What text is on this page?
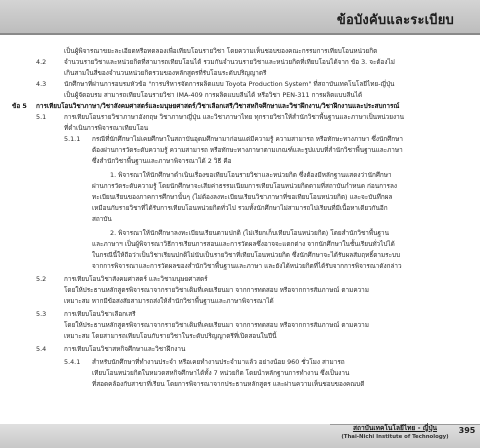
ข้อบังคับและระเบียบ
เป็นผู้พิจารณาขยะละเอียดหรือทดลองเพื่อเทียบโอนรายวิชา โดยความเห็นชอบของคณะกรรมการเทียบโอนหน่วยกิต
4.2	จำนวนรายวิชาและหน่วยกิตที่สามารถเทียบโอนได้ รวมกันจำนวนรายวิชาและหน่วยกิตที่เทียบโอนได้จาก ข้อ 3. จะต้องไม่
เกินสามในสี่ของจำนวนหน่วยกิตรวมของหลักสูตรที่รับโอนระดับปริญญาตรี
4.3	นักศึกษาที่ผ่านการอบรมหัวข้อ "การบริหารจัดการผลิตแบบ Toyota Production System" ที่สถาบันเทคโนโลยีไทย-ญี่ปุ่น
เป็นผู้จัดอบรม สามารถเทียบโอนรายวิชา IMA-409 การผลิตแบบลีนได้ หรือวิชา PEN-311 การผลิตแบบลีนได้
ข้อ 5 การเทียบโอนวิชาภาษา/วิชาสังคมศาสตร์และมนุษยศาสตร์/วิชาเลือกเสรี/วิชาสหกิจศึกษาและวิชาฝึกงาน/วิชาฝึกงานและประสบการณ์
5.1	การเทียบโอนรายวิชาภาษาอังกฤษ วิชาภาษาญี่ปุ่น และวิชาภาษาไทย ทุกรายวิชาให้สำนักวิชาพื้นฐานและภาษาเป็นหน่วยงาน
ที่ดำเนินการพิจารณาเทียบโอน
5.1.1 กรณีที่นักศึกษาไม่เคยศึกษาในสถาบันอุดมศึกษามาก่อนแต่มีความรู้ ความสามารถ หรือทักษะทางภาษา ซึ่งนักศึกษา
ต้องผ่านการวัดระดับความรู้ ความสามารถ หรือทักษะทางภาษาตามเกณฑ์และรูปแบบที่สำนักวิชาพื้นฐานและภาษา
ซึ่งสำนักวิชาพื้นฐานและภาษาพิจารณาได้ 2 วิธี คือ
1. พิจารณาให้นักศึกษาดำเนินเรื่องขอเทียบโอนรายวิชาและหน่วยกิต ซึ่งต้องมีหลักฐานแสดงว่านักศึกษา
ผ่านการวัดระดับความรู้ โดยนักศึกษาจะเสียค่าธรรมเนียมการเทียบโอนหน่วยกิตตามที่สถาบันกำหนด ก่อนการลง
ทะเบียนเรียนของภาคการศึกษานั้นๆ (ไม่ต้องลงทะเบียนเรียนวิชาภาษาที่ขอเทียบโอนหน่วยกิต) และจะบันทึกผล
เหมือนกับรายวิชาที่ได้รับการเทียบโอนหน่วยกิตทั่วไป รวมทั้งนักศึกษาไม่สามารถไปเรียนที่มีเนื้อหาเดียวกันอีก
สถาบัน
2. พิจารณาให้นักศึกษาลงทะเบียนเรียนตามปกติ (ไม่เรียกเก็บเทียบโอนหน่วยกิต) โดยสำนักวิชาพื้นฐาน
และภาษาฯ เป็นผู้พิจารณาวิธีการเรียนการสอนและการวัดผลซึ่งอาจจะแตกต่าง จากนักศึกษาในชั้นเรียนทั่วไปได้
ในกรณีนี้ให้ถือว่าเป็นวิชาเรียนปกติไม่นับเป็นรายวิชาที่เทียบโอนหน่วยกิต ซึ่งนักศึกษาจะได้รับผลสัมฤทธิ์ตามระบบ
จากการพิจารณาและการวัดผลของสำนักวิชาพื้นฐานและภาษา และยังได้หน่วยกิตที่ได้รับจากการพิจารณาดังกล่าว
5.2	การเทียบโอนวิชาสังคมศาสตร์ และวิชามนุษยศาสตร์
โดยให้ประธานหลักสูตรพิจารณาจากรายวิชาเดิมที่เคยเรียนมา จากการทดสอบ หรือจากการสัมภาษณ์ ตามความ
เหมาะสม หากมีข้อสงสัยสามารถส่งให้สำนักวิชาพื้นฐานและภาษาพิจารณาได้
5.3	การเทียบโอนวิชาเลือกเสรี
โดยให้ประธานหลักสูตรพิจารณาจากรายวิชาเดิมที่เคยเรียนมา จากการทดสอบ หรือจากการสัมภาษณ์ ตามความ
เหมาะสม โดยสามารถเทียบโอนกับรายวิชาในระดับปริญญาตรีที่เปิดสอนในปีนี้
5.4	การเทียบโอนวิชาสหกิจศึกษาและวิชาฝึกงาน
5.4.1 สำหรับนักศึกษาที่ทำงานประจำ หรือเคยทำงานประจำมาแล้ว อย่างน้อย 960 ชั่วโมง สามารถ
เทียบโอนหน่วยกิตในหมวดสหกิจศึกษาได้ทั้ง 7 หน่วยกิต โดยนำหลักฐานการทำงาน ซึ่งเป็นงาน
ที่สอดคล้องกับสาขาที่เรียน โดยการพิจารณาจากประธานหลักสูตร และผ่านความเห็นชอบของคณบดี
สถาบันเทคโนโลยีไทย - ญี่ปุ่น
(Thai-Nichi Institute of Technology)
395
